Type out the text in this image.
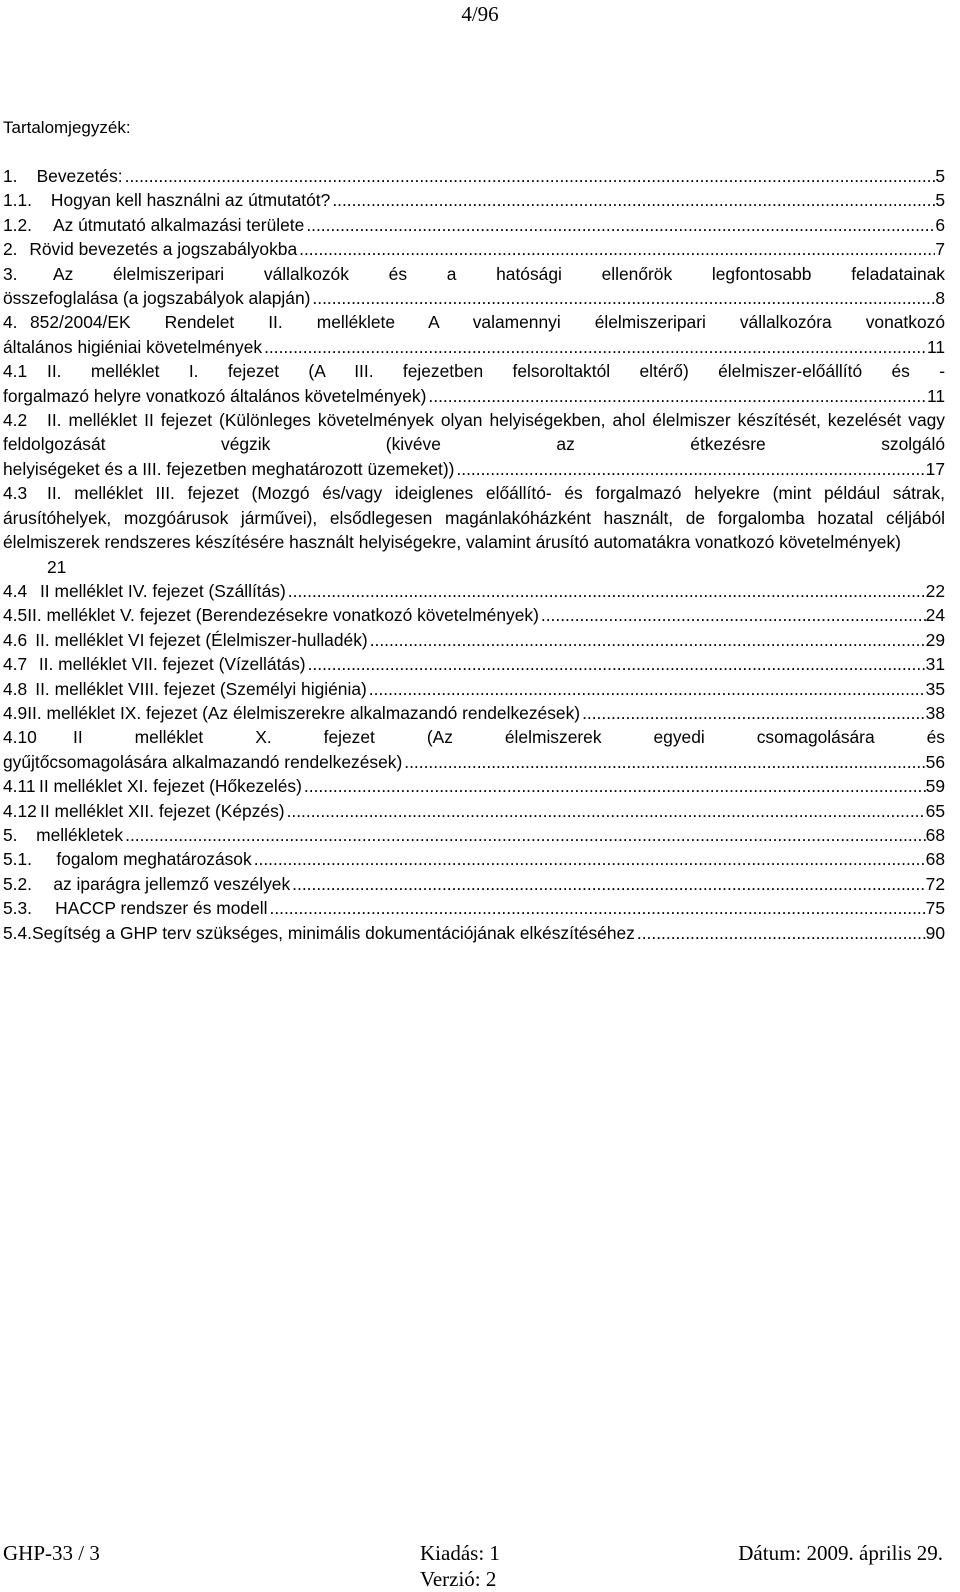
4/96
Tartalomjegyzék:
1.	Bevezetés: .....	5
1.1.	Hogyan kell használni az útmutatót? .....	5
1.2.	Az útmutató alkalmazási területe .....	6
2. Rövid bevezetés a jogszabályokba .....	7
3. Az élelmiszeripari vállalkozók és a hatósági ellenőrök legfontosabb feladatainak
összefoglalása (a jogszabályok alapján) .....	8
4. 852/2004/EK Rendelet II. melléklete A valamennyi élelmiszeripari vállalkozóra vonatkozó
általános higiéniai követelmények .....	11
4.1 II. melléklet I. fejezet (A III. fejezetben felsoroltaktól eltérő) élelmiszer-előállító és -
forgalmazó helyre vonatkozó általános követelmények) .....	11
4.2 II. melléklet II fejezet (Különleges követelmények olyan helyiségekben, ahol élelmiszer készítését, kezelését vagy feldolgozását végzik (kivéve az étkezésre szolgáló
helyiségeket és a III. fejezetben meghatározott üzemeket)) .....	17
4.3 II. melléklet III. fejezet (Mozgó és/vagy ideiglenes előállító- és forgalmazó helyekre (mint például sátrak, árusítóhelyek, mozgóárusok járművei), elsődlegesen magánlakóházként használt, de forgalomba hozatal céljából élelmiszerek rendszeres készítésére használt helyiségekre, valamint árusító automatákra vonatkozó követelmények)
21
4.4 II melléklet IV. fejezet (Szállítás) .....	22
4.5 II. melléklet V. fejezet (Berendezésekre vonatkozó követelmények) .....	24
4.6 II. melléklet VI fejezet (Élelmiszer-hulladék) .....	29
4.7 II. melléklet VII. fejezet (Vízellátás) .....	31
4.8 II. melléklet VIII. fejezet (Személyi higiénia) .....	35
4.9 II. melléklet IX. fejezet (Az élelmiszerekre alkalmazandó rendelkezések) .....	38
4.10 II melléklet X. fejezet (Az élelmiszerek egyedi csomagolására és
gyűjtőcsomagolására alkalmazandó rendelkezések) .....	56
4.11 II melléklet XI. fejezet (Hőkezelés) .....	59
4.12 II melléklet XII. fejezet (Képzés) .....	65
5.	mellékletek .....	68
5.1.	fogalom meghatározások .....	68
5.2.	az iparágra jellemző veszélyek .....	72
5.3.	HACCP rendszer és modell .....	75
5.4. Segítség a GHP terv szükséges, minimális dokumentációjának elkészítéséhez .....	90
GHP-33 / 3	Kiadás: 1
Verzió: 2
Dátum: 2009. április 29.
